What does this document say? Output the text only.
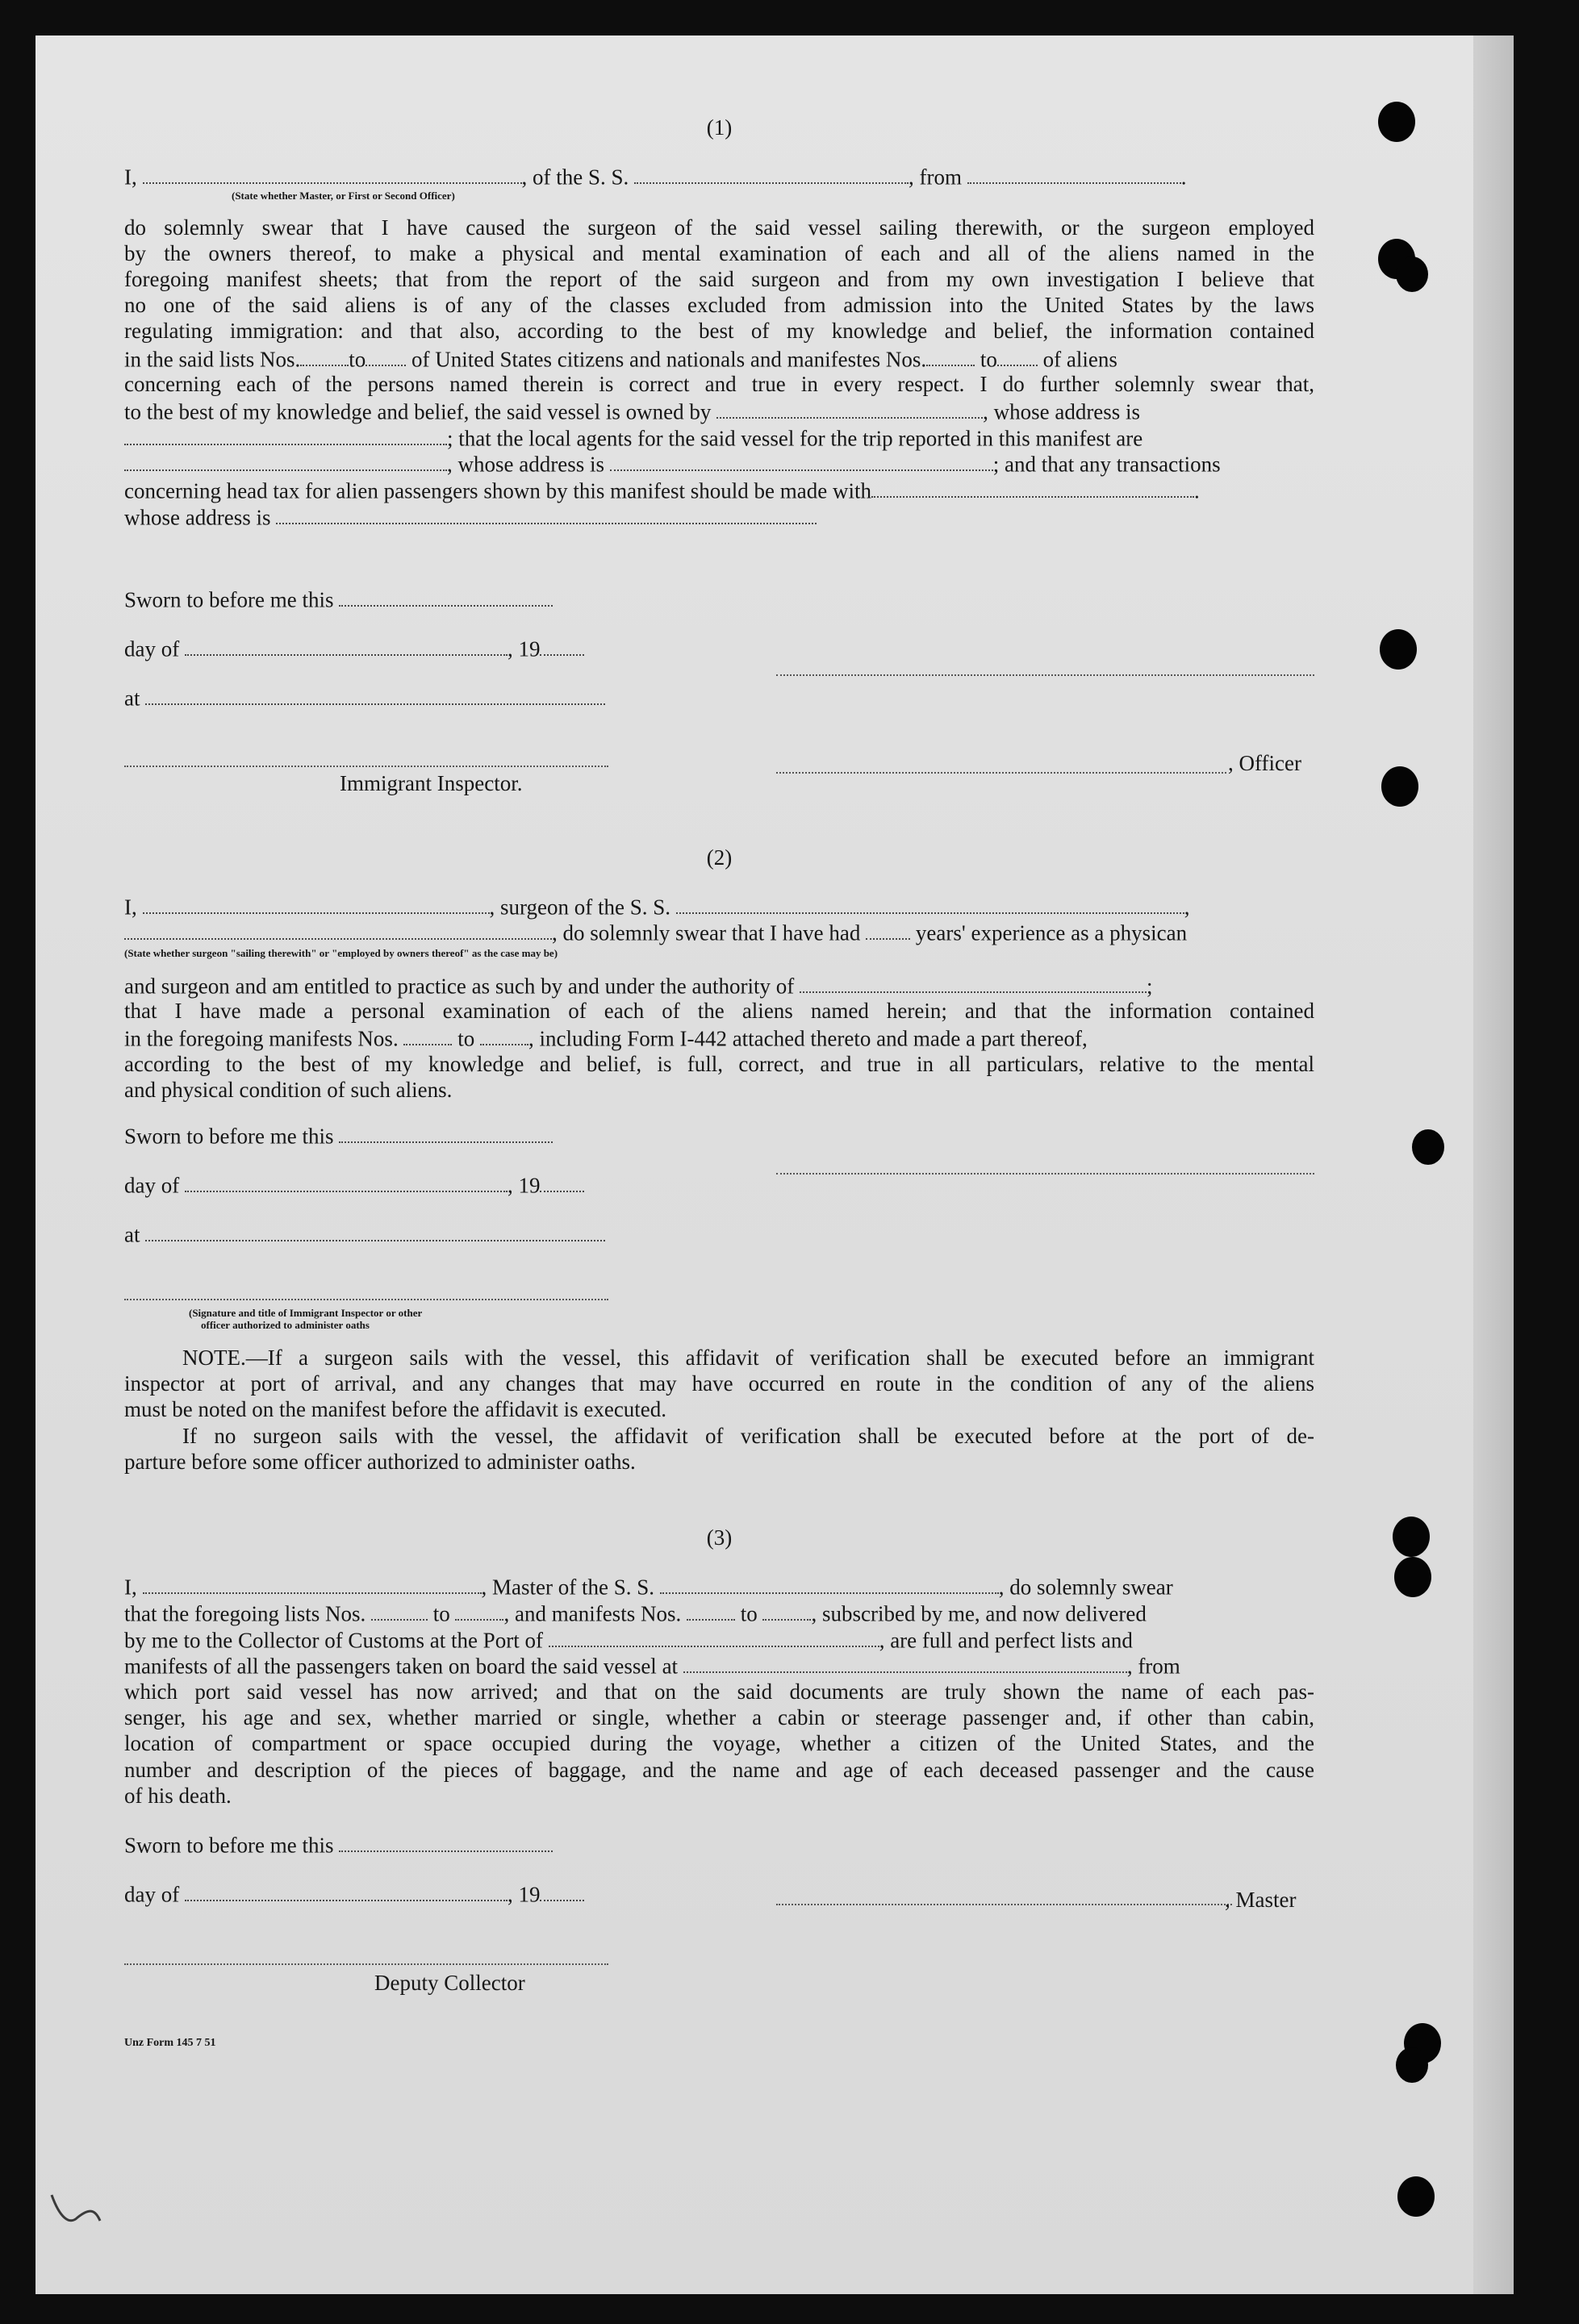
(1)
I,	, of the S. S.	, from	.
(State whether Master, or First or Second Officer)
do solemnly swear that I have caused the surgeon of the said vessel sailing therewith, or the surgeon employed
by the owners thereof, to make a physical and mental examination of each and all of the aliens named in the
foregoing manifest sheets; that from the report of the said surgeon and from my own investigation I believe that
no one of the said aliens is of any of the classes excluded from admission into the United States by the laws
regulating immigration: and that also, according to the best of my knowledge and belief, the information contained
in the said lists Nos. to of United States citizens and nationals and manifestes Nos. to of aliens
concerning each of the persons named therein is correct and true in every respect. I do further solemnly swear that,
to the best of my knowledge and belief, the said vessel is owned by	, whose address is
; that the local agents for the said vessel for the trip reported in this manifest are
, whose address is	; and that any transactions
concerning head tax for alien passengers shown by this manifest should be made with	.
whose address is
Sworn to before me this
day of	, 19
at
, Officer
Immigrant Inspector.
(2)
I,	, surgeon of the S. S.	,
, do solemnly swear that I have had	years' experience as a physican
(State whether surgeon "sailing therewith" or "employed by owners thereof" as the case may be)
and surgeon and am entitled to practice as such by and under the authority of	;
that I have made a personal examination of each of the aliens named herein; and that the information contained
in the foregoing manifests Nos.	to , including Form I-442 attached thereto and made a part thereof,
according to the best of my knowledge and belief, is full, correct, and true in all particulars, relative to the mental
and physical condition of such aliens.
Sworn to before me this
day of	, 19
at
(Signature and title of Immigrant Inspector or other
officer authorized to administer oaths
NOTE.—If a surgeon sails with the vessel, this affidavit of verification shall be executed before an immigrant
inspector at port of arrival, and any changes that may have occurred en route in the condition of any of the aliens
must be noted on the manifest before the affidavit is executed.
If no surgeon sails with the vessel, the affidavit of verification shall be executed before at the port of de-
parture before some officer authorized to administer oaths.
(3)
I,	, Master of the S. S.	, do solemnly swear
that the foregoing lists Nos.	to , and manifests Nos.	to , subscribed by me, and now delivered
by me to the Collector of Customs at the Port of	, are full and perfect lists and
manifests of all the passengers taken on board the said vessel at	, from
which port said vessel has now arrived; and that on the said documents are truly shown the name of each pas-
senger, his age and sex, whether married or single, whether a cabin or steerage passenger and, if other than cabin,
location of compartment or space occupied during the voyage, whether a citizen of the United States, and the
number and description of the pieces of baggage, and the name and age of each deceased passenger and the cause
of his death.
Sworn to before me this
day of	, 19	, Master
Deputy Collector
Unz Form 145 7 51
